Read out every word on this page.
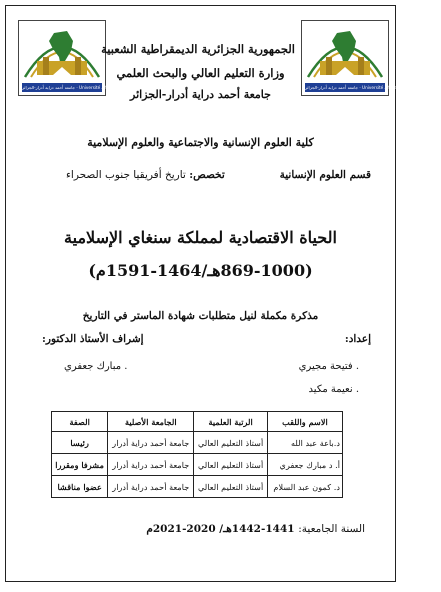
جامعة أحمد دراية أدرار-الجزائر · Université Ahmed Draia-Adrar-Algérie
جامعة أحمد دراية أدرار-الجزائر · Université Ahmed Draia-Adrar-Algérie
الجمهورية الجزائرية الديمقراطية الشعبية
وزارة التعليم العالي والبحث العلمي
جامعة أحمد دراية أدرار-الجزائر
كلية العلوم الإنسانية والاجتماعية والعلوم الإسلامية
قسم العلوم الإنسانية
تخصص: تاريخ أفريقيا جنوب الصحراء
الحياة الاقتصادية لمملكة سنغاي الإسلامية
(869-1000هـ/1464-1591م)
مذكرة مكملة لنيل متطلبات شهادة الماستر في التاريخ
إعداد:
إشراف الأستاذ الدكتور:
. فتيحة مجيري
. نعيمة مكيد
. مبارك جعفري
الاسم واللقب	الرتبة العلمية	الجامعة الأصلية	الصفة
د.باعة عبد الله	أستاذ التعليم العالي	جامعة أحمد دراية أدرار	رئيسا
أ. د مبارك جعفري	أستاذ التعليم العالي	جامعة أحمد دراية أدرار	مشرفا ومقررا
د. كمون عبد السلام	أستاذ التعليم العالي	جامعة أحمد دراية أدرار	عضوا مناقشا
السنة الجامعية: 1441-1442هـ/ 2020-2021م
